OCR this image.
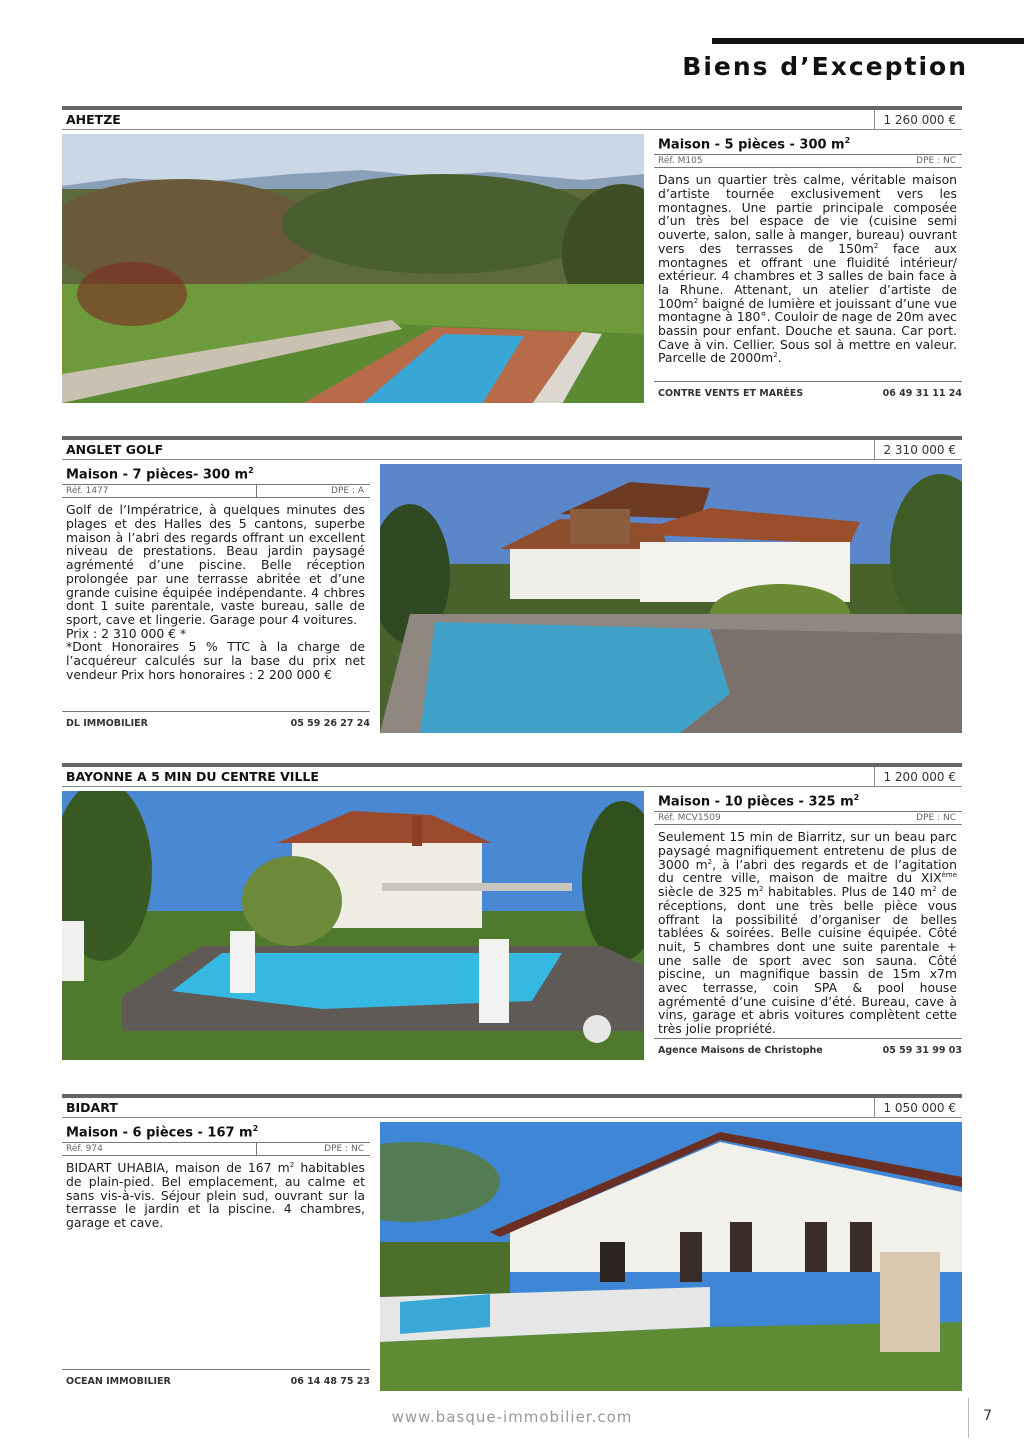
Biens d’Exception
AHETZE	1 260 000 €
Maison - 5 pièces - 300 $m^2$
Réf. M105	DPE : NC
Dans un quartier très calme, véritable maison d’artiste tournée exclusivement vers les montagnes. Une partie principale composée d’un très bel espace de vie (cuisine semi ouverte, salon, salle à manger, bureau) ouvrant vers des terrasses de $150m^2$ face aux montagnes et offrant une fluidité intérieur/ extérieur. 4 chambres et 3 salles de bain face à la Rhune. Attenant, un atelier d’artiste de $100m^2$ baigné de lumière et jouissant d’une vue montagne à 180°. Couloir de nage de 20m avec bassin pour enfant. Douche et sauna. Car port. Cave à vin. Cellier. Sous sol à mettre en valeur. Parcelle de $2000m^2$.
CONTRE VENTS ET MARÉES	06 49 31 11 24
ANGLET GOLF	2 310 000 €
Maison - 7 pièces- 300 $m^2$
Réf. 1477	DPE : A
Golf de l’Impératrice, à quelques minutes des plages et des Halles des 5 cantons, superbe maison à l’abri des regards offrant un excellent niveau de prestations. Beau jardin paysagé agrémenté d’une piscine. Belle réception prolongée par une terrasse abritée et d’une grande cuisine équipée indépendante. 4 chbres dont 1 suite parentale, vaste bureau, salle de sport, cave et lingerie. Garage pour 4 voitures.
Prix : 2 310 000 € *
*Dont Honoraires 5 % TTC à la charge de l’acquéreur calculés sur la base du prix net vendeur Prix hors honoraires : 2 200 000 €
DL IMMOBILIER	05 59 26 27 24
BAYONNE A 5 MIN DU CENTRE VILLE	1 200 000 €
Maison - 10 pièces - 325 $m^2$
Réf. MCV1509	DPE : NC
Seulement 15 min de Biarritz, sur un beau parc paysagé magnifiquement entretenu de plus de 3000 $m^2$, à l’abri des regards et de l’agitation du centre ville, maison de maitre du XIXème siècle de 325 $m^2$ habitables. Plus de 140 $m^2$ de réceptions, dont une très belle pièce vous offrant la possibilité d’organiser de belles tablées & soirées. Belle cuisine équipée. Côté nuit, 5 chambres dont une suite parentale + une salle de sport avec son sauna. Côté piscine, un magnifique bassin de 15m x7m avec terrasse, coin SPA & pool house agrémenté d’une cuisine d’été. Bureau, cave à vins, garage et abris voitures complètent cette très jolie propriété.
Agence Maisons de Christophe	05 59 31 99 03
BIDART	1 050 000 €
Maison - 6 pièces - 167 $m^2$
Réf. 974	DPE : NC
BIDART UHABIA, maison de 167 $m^2$ habitables de plain-pied. Bel emplacement, au calme et sans vis-à-vis. Séjour plein sud, ouvrant sur la terrasse le jardin et la piscine. 4 chambres, garage et cave.
OCEAN IMMOBILIER	06 14 48 75 23
www.basque-immobilier.com	7
